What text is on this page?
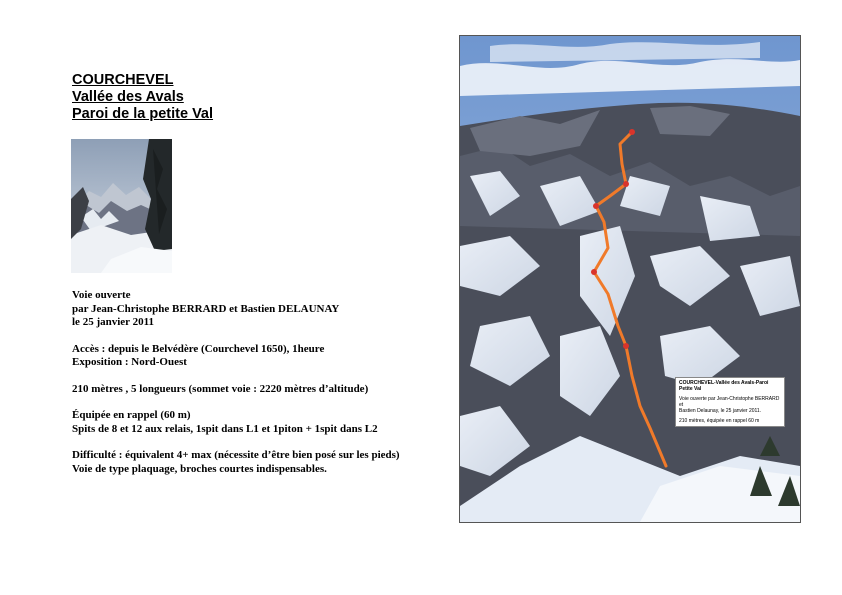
COURCHEVEL
Vallée des Avals
Paroi de la petite Val
Voie ouverte
par Jean-Christophe BERRARD et Bastien DELAUNAY
le 25 janvier 2011
Accès : depuis le Belvédère (Courchevel 1650), 1heure
Exposition : Nord-Ouest
210 mètres , 5 longueurs (sommet voie : 2220 mètres d’altitude)
Équipée en rappel (60 m)
Spits de 8 et 12 aux relais, 1spit dans L1 et 1piton + 1spit dans L2
Difficulté : équivalent 4+ max (nécessite d’être bien posé sur les pieds)
Voie de type plaquage, broches courtes indispensables.
COURCHEVEL-Vallée des Avals-Paroi Petite Val
Voie ouverte par Jean-Christophe BERRARD et
Bastien Delaunay, le 25 janvier 2011.
210 mètres, équipée en rappel 60 m
